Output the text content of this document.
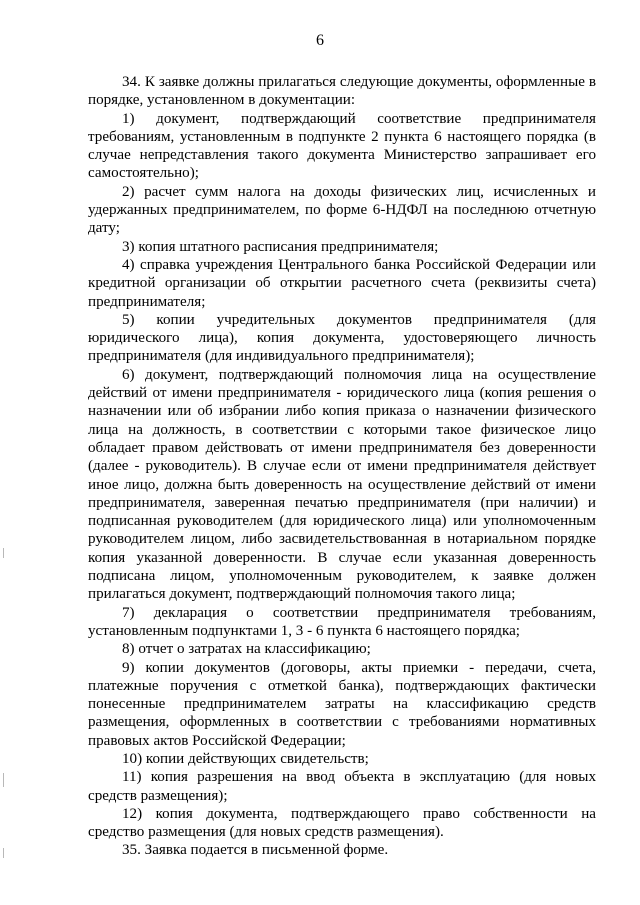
6

34. К заявке должны прилагаться следующие документы, оформленные в порядке, установленном в документации:

1) документ, подтверждающий соответствие предпринимателя требованиям, установленным в подпункте 2 пункта 6 настоящего порядка (в случае непредставления такого документа Министерство запрашивает его самостоятельно);

2) расчет сумм налога на доходы физических лиц, исчисленных и удержанных предпринимателем, по форме 6-НДФЛ на последнюю отчетную дату;

3) копия штатного расписания предпринимателя;

4) справка учреждения Центрального банка Российской Федерации или кредитной организации об открытии расчетного счета (реквизиты счета) предпринимателя;

5) копии учредительных документов предпринимателя (для юридического лица), копия документа, удостоверяющего личность предпринимателя (для индивидуального предпринимателя);

6) документ, подтверждающий полномочия лица на осуществление действий от имени предпринимателя - юридического лица (копия решения о назначении или об избрании либо копия приказа о назначении физического лица на должность, в соответствии с которыми такое физическое лицо обладает правом действовать от имени предпринимателя без доверенности (далее - руководитель). В случае если от имени предпринимателя действует иное лицо, должна быть доверенность на осуществление действий от имени предпринимателя, заверенная печатью предпринимателя (при наличии) и подписанная руководителем (для юридического лица) или уполномоченным руководителем лицом, либо засвидетельствованная в нотариальном порядке копия указанной доверенности. В случае если указанная доверенность подписана лицом, уполномоченным руководителем, к заявке должен прилагаться документ, подтверждающий полномочия такого лица;

7) декларация о соответствии предпринимателя требованиям, установленным подпунктами 1, 3 - 6 пункта 6 настоящего порядка;

8) отчет о затратах на классификацию;

9) копии документов (договоры, акты приемки - передачи, счета, платежные поручения с отметкой банка), подтверждающих фактически понесенные предпринимателем затраты на классификацию средств размещения, оформленных в соответствии с требованиями нормативных правовых актов Российской Федерации;

10) копии действующих свидетельств;

11) копия разрешения на ввод объекта в эксплуатацию (для новых средств размещения);

12) копия документа, подтверждающего право собственности на средство размещения (для новых средств размещения).

35. Заявка подается в письменной форме.
